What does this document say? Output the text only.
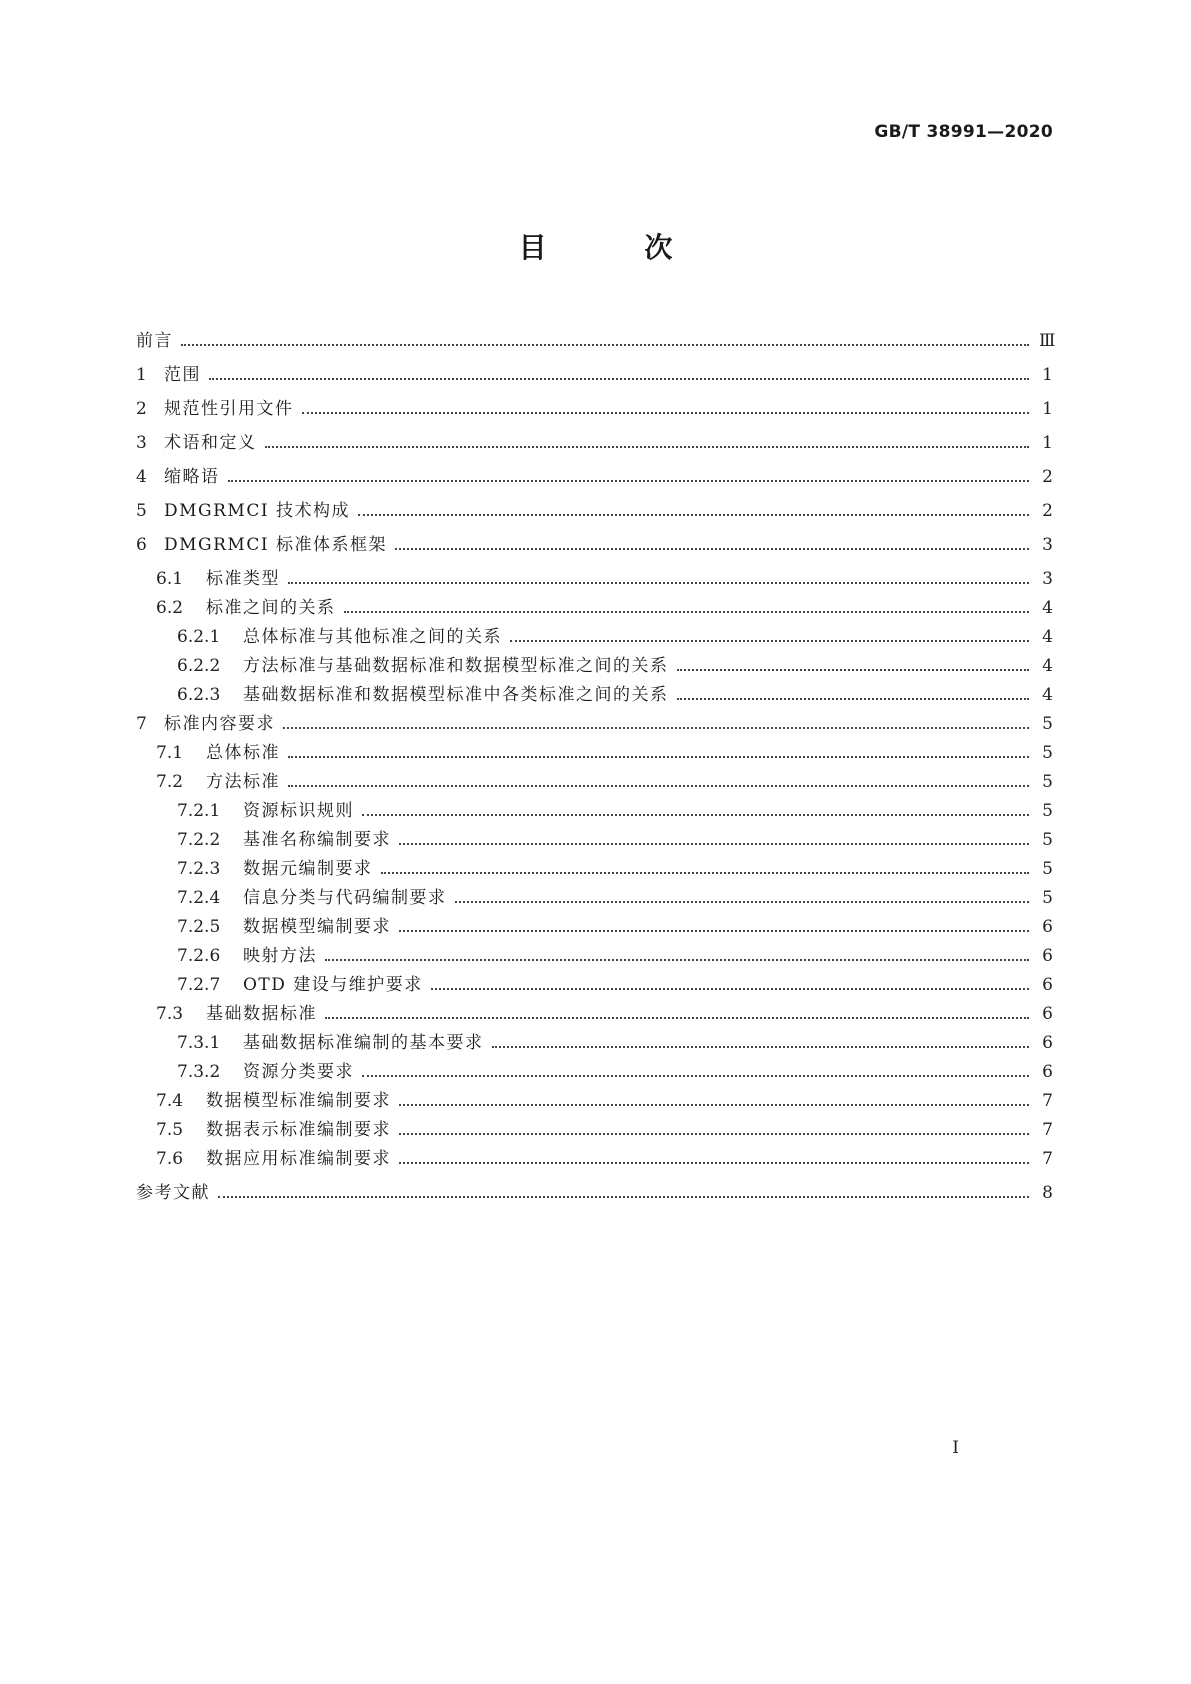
GB/T 38991—2020
目 次
前言	Ⅲ
1	范围	1
2	规范性引用文件	1
3	术语和定义	1
4	缩略语	2
5	DMGRMCI 技术构成	2
6	DMGRMCI 标准体系框架	3
6.1	标准类型	3
6.2	标准之间的关系	4
6.2.1	总体标准与其他标准之间的关系	4
6.2.2	方法标准与基础数据标准和数据模型标准之间的关系	4
6.2.3	基础数据标准和数据模型标准中各类标准之间的关系	4
7	标准内容要求	5
7.1	总体标准	5
7.2	方法标准	5
7.2.1	资源标识规则	5
7.2.2	基准名称编制要求	5
7.2.3	数据元编制要求	5
7.2.4	信息分类与代码编制要求	5
7.2.5	数据模型编制要求	6
7.2.6	映射方法	6
7.2.7	OTD 建设与维护要求	6
7.3	基础数据标准	6
7.3.1	基础数据标准编制的基本要求	6
7.3.2	资源分类要求	6
7.4	数据模型标准编制要求	7
7.5	数据表示标准编制要求	7
7.6	数据应用标准编制要求	7
参考文献	8
I
